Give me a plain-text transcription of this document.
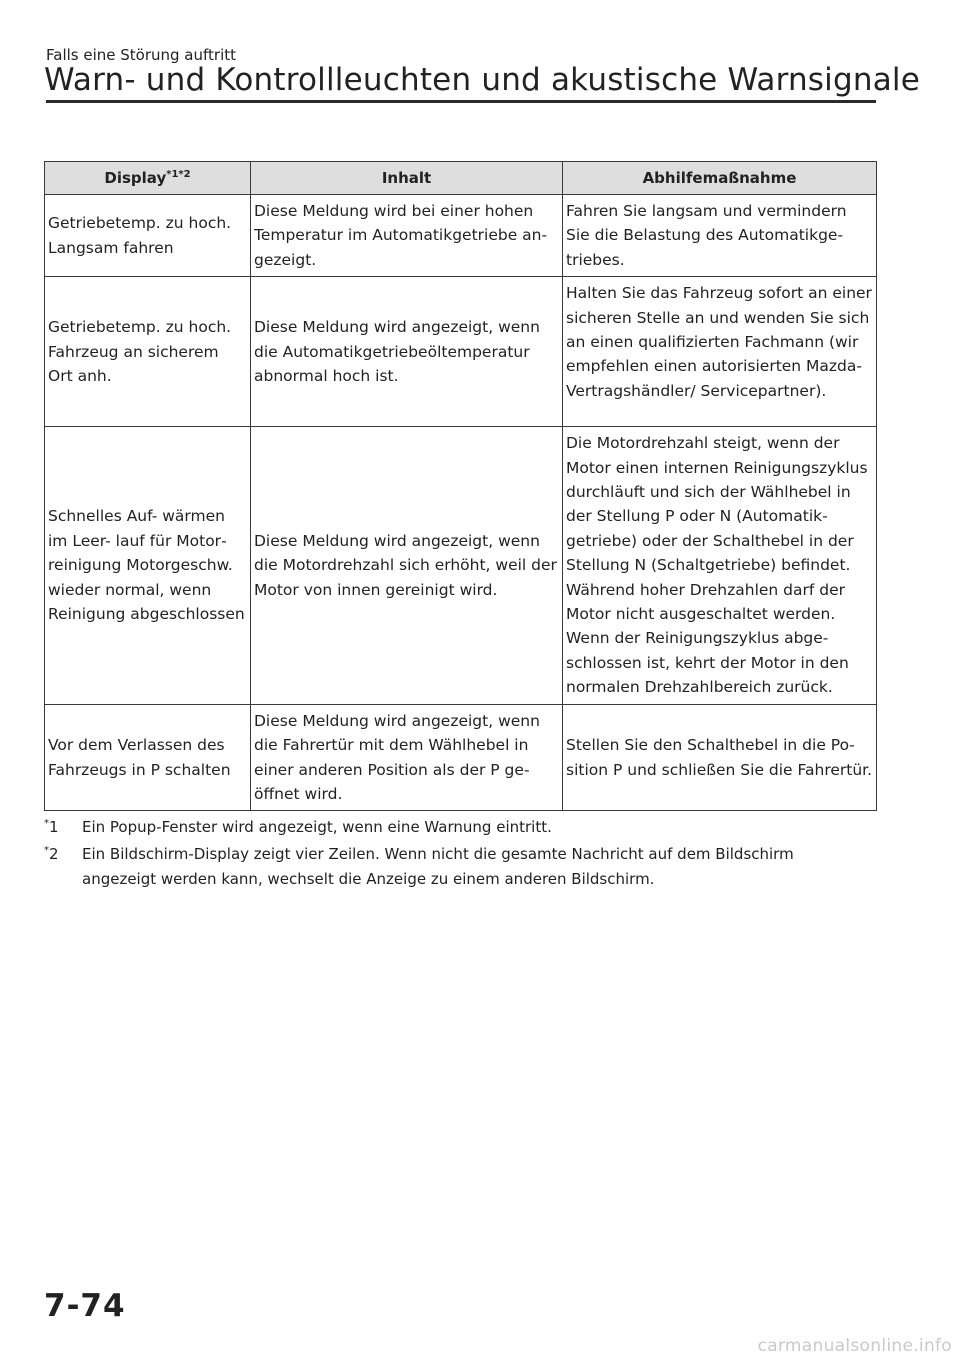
Falls eine Störung auftritt
Warn- und Kontrollleuchten und akustische Warnsignale
Display$^{*1*2}$	Inhalt	Abhilfemaßnahme
Getriebetemp. zu hoch. Langsam fahren	Diese Meldung wird bei einer hohen Temperatur im Automatikgetriebe angezeigt.	Fahren Sie langsam und vermindern Sie die Belastung des Automatikgetriebes.
Getriebetemp. zu hoch. Fahrzeug an sicherem Ort anh.	Diese Meldung wird angezeigt, wenn die Automatikgetriebeöltemperatur abnormal hoch ist.	Halten Sie das Fahrzeug sofort an einer sicheren Stelle an und wenden Sie sich an einen qualifizierten Fachmann (wir empfehlen einen autorisierten Mazda-Vertragshändler/ Servicepartner).
Schnelles Auf- wärmen im Leer- lauf für Motorreinigung Motorgeschw. wieder normal, wenn Reinigung abgeschlossen	Diese Meldung wird angezeigt, wenn die Motordrehzahl sich erhöht, weil der Motor von innen gereinigt wird.	Die Motordrehzahl steigt, wenn der Motor einen internen Reinigungszyklus durchläuft und sich der Wählhebel in der Stellung P oder N (Automatikgetriebe) oder der Schalthebel in der Stellung N (Schaltgetriebe) befindet. Während hoher Drehzahlen darf der Motor nicht ausgeschaltet werden. Wenn der Reinigungszyklus abgeschlossen ist, kehrt der Motor in den normalen Drehzahlbereich zurück.
Vor dem Verlassen des Fahrzeugs in P schalten	Diese Meldung wird angezeigt, wenn die Fahrertür mit dem Wählhebel in einer anderen Position als der P geöffnet wird.	Stellen Sie den Schalthebel in die Position P und schließen Sie die Fahrertür.
*1	Ein Popup-Fenster wird angezeigt, wenn eine Warnung eintritt.
*2	Ein Bildschirm-Display zeigt vier Zeilen. Wenn nicht die gesamte Nachricht auf dem Bildschirm angezeigt werden kann, wechselt die Anzeige zu einem anderen Bildschirm.
7-74
carmanualsonline.info
